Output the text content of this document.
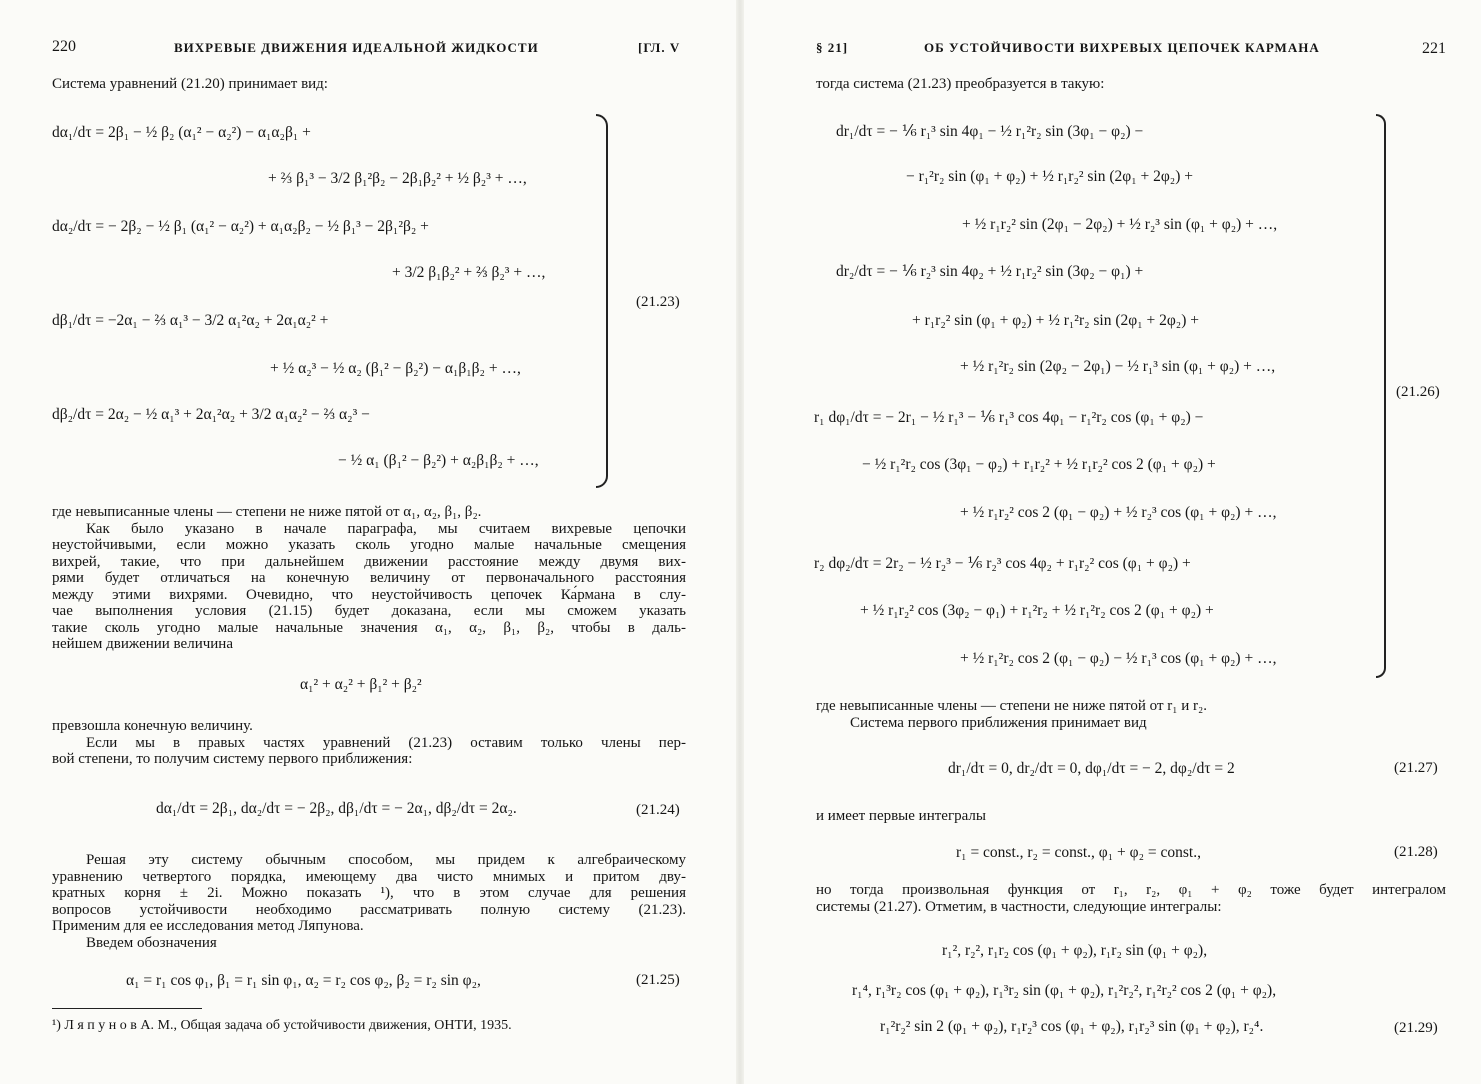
220	ВИХРЕВЫЕ ДВИЖЕНИЯ ИДЕАЛЬНОЙ ЖИДКОСТИ	[ГЛ. V
Система уравнений (21.20) принимает вид:
dα₁/dτ = 2β₁ − ½ β₂ (α₁² − α₂²) − α₁α₂β₁ +
+ ⅔ β₁³ − 3/2 β₁²β₂ − 2β₁β₂² + ½ β₂³ + …,
dα₂/dτ = − 2β₂ − ½ β₁ (α₁² − α₂²) + α₁α₂β₂ − ½ β₁³ − 2β₁²β₂ +
+ 3/2 β₁β₂² + ⅔ β₂³ + …,
dβ₁/dτ = −2α₁ − ⅔ α₁³ − 3/2 α₁²α₂ + 2α₁α₂² +
+ ½ α₂³ − ½ α₂ (β₁² − β₂²) − α₁β₁β₂ + …,
dβ₂/dτ = 2α₂ − ½ α₁³ + 2α₁²α₂ + 3/2 α₁α₂² − ⅔ α₂³ −
− ½ α₁ (β₁² − β₂²) + α₂β₁β₂ + …,
(21.23)
где невыписанные члены — степени не ниже пятой от α₁, α₂, β₁, β₂.
Как было указано в начале параграфа, мы считаем вихревые цепочки
неустойчивыми, если можно указать сколь угодно малые начальные смещения
вихрей, такие, что при дальнейшем движении расстояние между двумя вих-
рями будет отличаться на конечную величину от первоначального расстояния
между этими вихрями. Очевидно, что неустойчивость цепочек Ка́рмана в слу-
чае выполнения условия (21.15) будет доказана, если мы сможем указать
такие сколь угодно малые начальные значения α₁, α₂, β₁, β₂, чтобы в даль-
нейшем движении величина
α₁² + α₂² + β₁² + β₂²
превзошла конечную величину.
Если мы в правых частях уравнений (21.23) оставим только члены пер-
вой степени, то получим систему первого приближения:
dα₁/dτ = 2β₁, dα₂/dτ = − 2β₂, dβ₁/dτ = − 2α₁, dβ₂/dτ = 2α₂.	(21.24)
Решая эту систему обычным способом, мы придем к алгебраическому
уравнению четвертого порядка, имеющему два чисто мнимых и притом дву-
кратных корня ± 2i. Можно показать ¹), что в этом случае для решения
вопросов устойчивости необходимо рассматривать полную систему (21.23).
Применим для ее исследования метод Ляпунова.
Введем обозначения
α₁ = r₁ cos φ₁, β₁ = r₁ sin φ₁, α₂ = r₂ cos φ₂, β₂ = r₂ sin φ₂,	(21.25)
¹) Л я п у н о в А. М., Общая задача об устойчивости движения, ОНТИ, 1935.
§ 21]	ОБ УСТОЙЧИВОСТИ ВИХРЕВЫХ ЦЕПОЧЕК КАРМАНА	221
тогда система (21.23) преобразуется в такую:
dr₁/dτ = − ⅙ r₁³ sin 4φ₁ − ½ r₁²r₂ sin (3φ₁ − φ₂) −
− r₁²r₂ sin (φ₁ + φ₂) + ½ r₁r₂² sin (2φ₁ + 2φ₂) +
+ ½ r₁r₂² sin (2φ₁ − 2φ₂) + ½ r₂³ sin (φ₁ + φ₂) + …,
dr₂/dτ = − ⅙ r₂³ sin 4φ₂ + ½ r₁r₂² sin (3φ₂ − φ₁) +
+ r₁r₂² sin (φ₁ + φ₂) + ½ r₁²r₂ sin (2φ₁ + 2φ₂) +
+ ½ r₁²r₂ sin (2φ₂ − 2φ₁) − ½ r₁³ sin (φ₁ + φ₂) + …,
r₁ dφ₁/dτ = − 2r₁ − ½ r₁³ − ⅙ r₁³ cos 4φ₁ − r₁²r₂ cos (φ₁ + φ₂) −
− ½ r₁²r₂ cos (3φ₁ − φ₂) + r₁r₂² + ½ r₁r₂² cos 2 (φ₁ + φ₂) +
+ ½ r₁r₂² cos 2 (φ₁ − φ₂) + ½ r₂³ cos (φ₁ + φ₂) + …,
r₂ dφ₂/dτ = 2r₂ − ½ r₂³ − ⅙ r₂³ cos 4φ₂ + r₁r₂² cos (φ₁ + φ₂) +
+ ½ r₁r₂² cos (3φ₂ − φ₁) + r₁²r₂ + ½ r₁²r₂ cos 2 (φ₁ + φ₂) +
+ ½ r₁²r₂ cos 2 (φ₁ − φ₂) − ½ r₁³ cos (φ₁ + φ₂) + …,
(21.26)
где невыписанные члены — степени не ниже пятой от r₁ и r₂.
Система первого приближения принимает вид
dr₁/dτ = 0, dr₂/dτ = 0, dφ₁/dτ = − 2, dφ₂/dτ = 2	(21.27)
и имеет первые интегралы
r₁ = const., r₂ = const., φ₁ + φ₂ = const.,	(21.28)
но тогда произвольная функция от r₁, r₂, φ₁ + φ₂ тоже будет интегралом
системы (21.27). Отметим, в частности, следующие интегралы:
r₁², r₂², r₁r₂ cos (φ₁ + φ₂), r₁r₂ sin (φ₁ + φ₂),
r₁⁴, r₁³r₂ cos (φ₁ + φ₂), r₁³r₂ sin (φ₁ + φ₂), r₁²r₂², r₁²r₂² cos 2 (φ₁ + φ₂),
r₁²r₂² sin 2 (φ₁ + φ₂), r₁r₂³ cos (φ₁ + φ₂), r₁r₂³ sin (φ₁ + φ₂), r₂⁴.	(21.29)
